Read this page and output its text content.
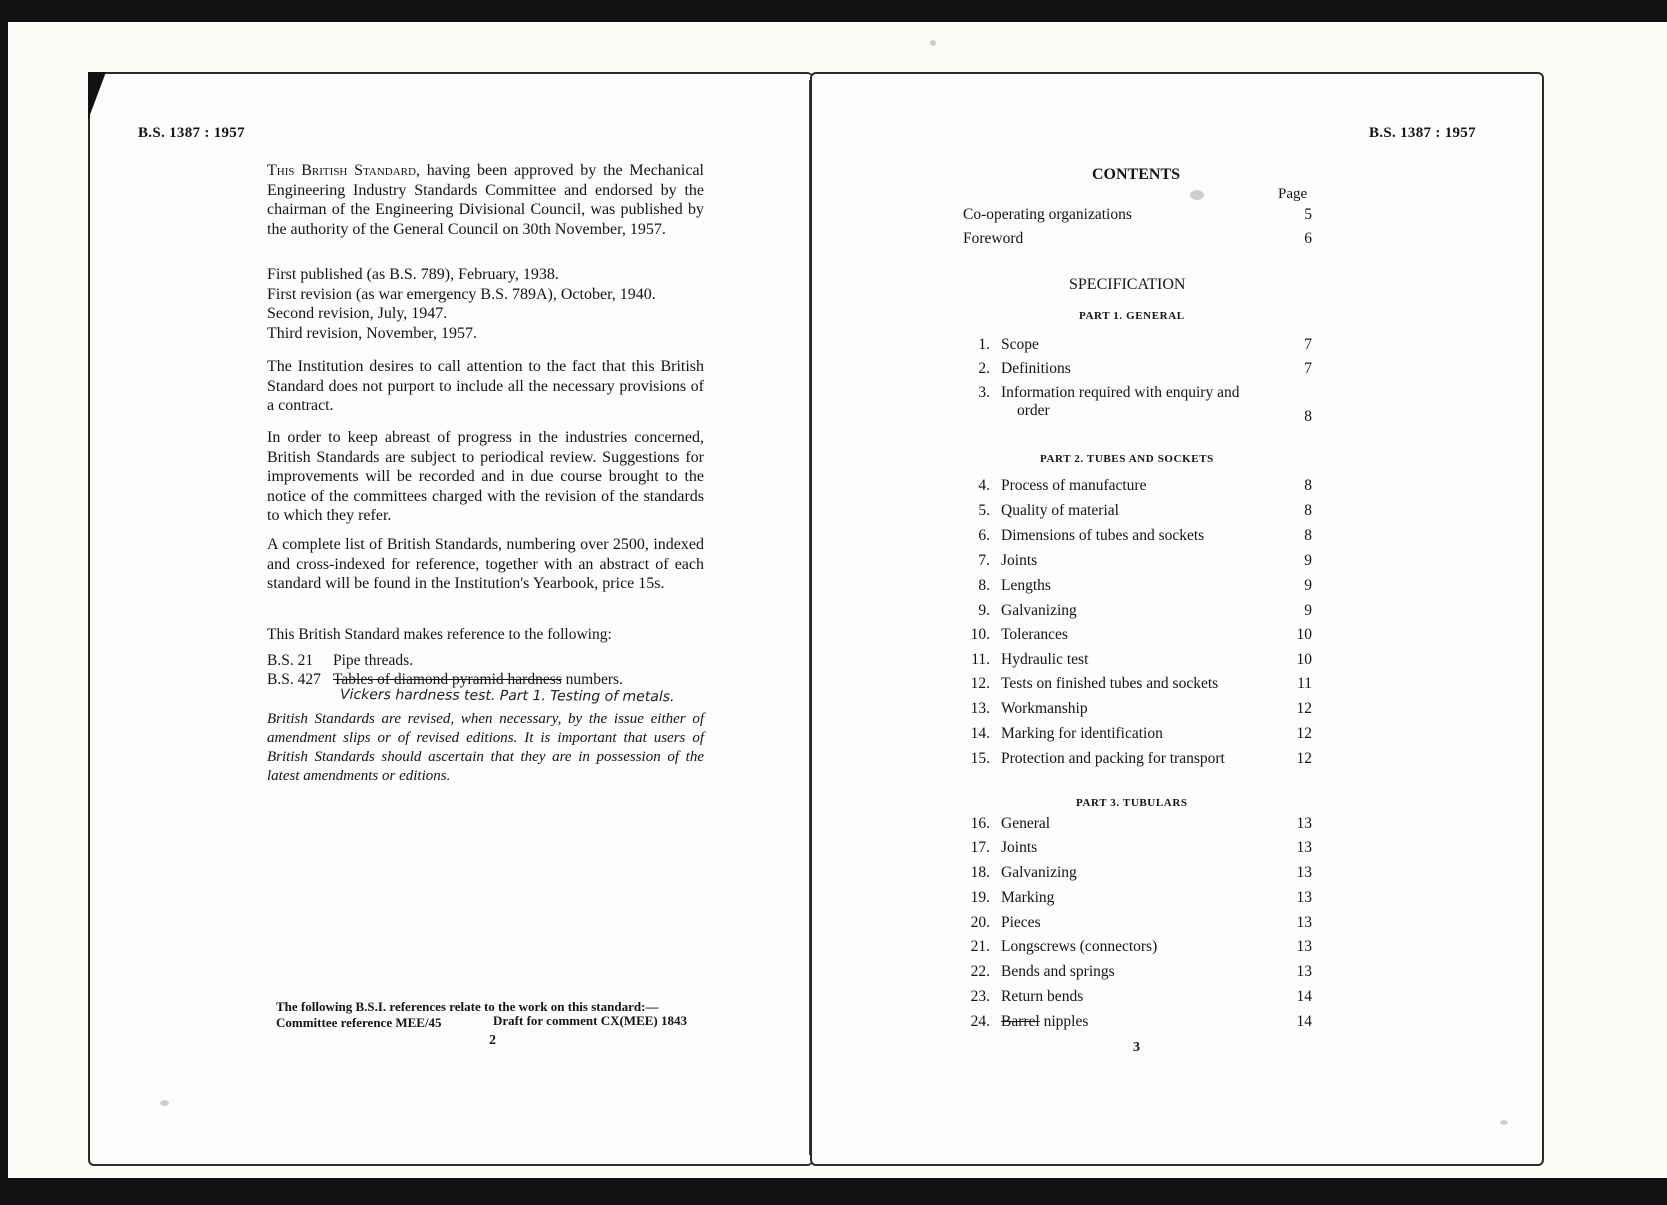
B.S. 1387 : 1957

This British Standard, having been approved by the Mechanical Engineering Industry Standards Committee and endorsed by the chairman of the Engineering Divisional Council, was published by the authority of the General Council on 30th November, 1957.

First published (as B.S. 789), February, 1938.
First revision (as war emergency B.S. 789A), October, 1940.
Second revision, July, 1947.
Third revision, November, 1957.

The Institution desires to call attention to the fact that this British Standard does not purport to include all the necessary provisions of a contract.

In order to keep abreast of progress in the industries concerned, British Standards are subject to periodical review. Suggestions for improvements will be recorded and in due course brought to the notice of the committees charged with the revision of the standards to which they refer.

A complete list of British Standards, numbering over 2500, indexed and cross-indexed for reference, together with an abstract of each standard will be found in the Institution's Yearbook, price 15s.

This British Standard makes reference to the following:
B.S. 21 Pipe threads.
B.S. 427 Tables of diamond pyramid hardness numbers.
Vickers hardness test. Part 1. Testing of metals.

British Standards are revised, when necessary, by the issue either of amendment slips or of revised editions. It is important that users of British Standards should ascertain that they are in possession of the latest amendments or editions.

The following B.S.I. references relate to the work on this standard:—
Committee reference MEE/45	Draft for comment CX(MEE) 1843
2
B.S. 1387 : 1957
CONTENTS
Page
Co-operating organizations	5
Foreword	6
SPECIFICATION
PART 1. GENERAL
PART 2. TUBES AND SOCKETS
PART 3. TUBULARS
1. Scope	7
2. Definitions	7
3. Information required with enquiry and
order	8
4. Process of manufacture	8
5. Quality of material	8
6. Dimensions of tubes and sockets	8
7. Joints	9
8. Lengths	9
9. Galvanizing	9
10. Tolerances	10
11. Hydraulic test	10
12. Tests on finished tubes and sockets	11
13. Workmanship	12
14. Marking for identification	12
15. Protection and packing for transport	12
16. General	13
17. Joints	13
18. Galvanizing	13
19. Marking	13
20. Pieces	13
21. Longscrews (connectors)	13
22. Bends and springs	13
23. Return bends	14
24. Barrel nipples	14
3
